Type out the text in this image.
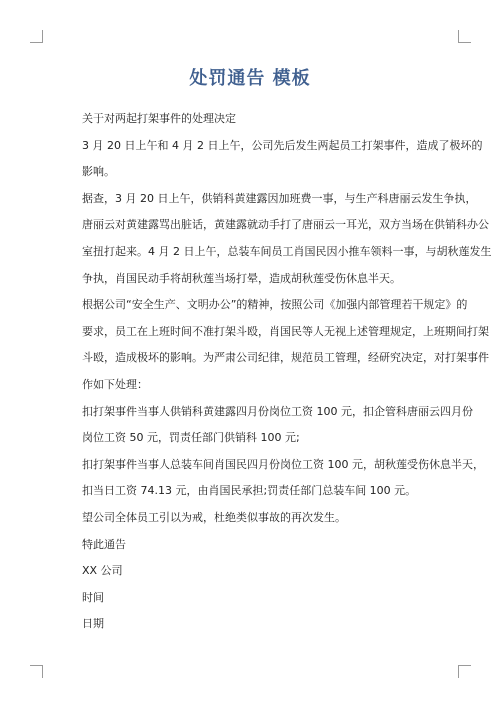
处罚通告 模板
关于对两起打架事件的处理决定
3 月 20 日上午和 4 月 2 日上午，公司先后发生两起员工打架事件，造成了极坏的
影响。
据查，3 月 20 日上午，供销科黄建露因加班费一事，与生产科唐丽云发生争执，
唐丽云对黄建露骂出脏话，黄建露就动手打了唐丽云一耳光，双方当场在供销科办公
室扭打起来。4 月 2 日上午，总装车间员工肖国民因小推车领料一事，与胡秋莲发生
争执，肖国民动手将胡秋莲当场打晕，造成胡秋莲受伤休息半天。
根据公司“安全生产、文明办公”的精神，按照公司《加强内部管理若干规定》的
要求，员工在上班时间不准打架斗殴，肖国民等人无视上述管理规定，上班期间打架
斗殴，造成极坏的影响。为严肃公司纪律，规范员工管理，经研究决定，对打架事件
作如下处理：
扣打架事件当事人供销科黄建露四月份岗位工资 100 元，扣企管科唐丽云四月份
岗位工资 50 元，罚责任部门供销科 100 元;
扣打架事件当事人总装车间肖国民四月份岗位工资 100 元，胡秋莲受伤休息半天，
扣当日工资 74.13 元，由肖国民承担;罚责任部门总装车间 100 元。
望公司全体员工引以为戒，杜绝类似事故的再次发生。
特此通告
XX 公司
时间
日期
